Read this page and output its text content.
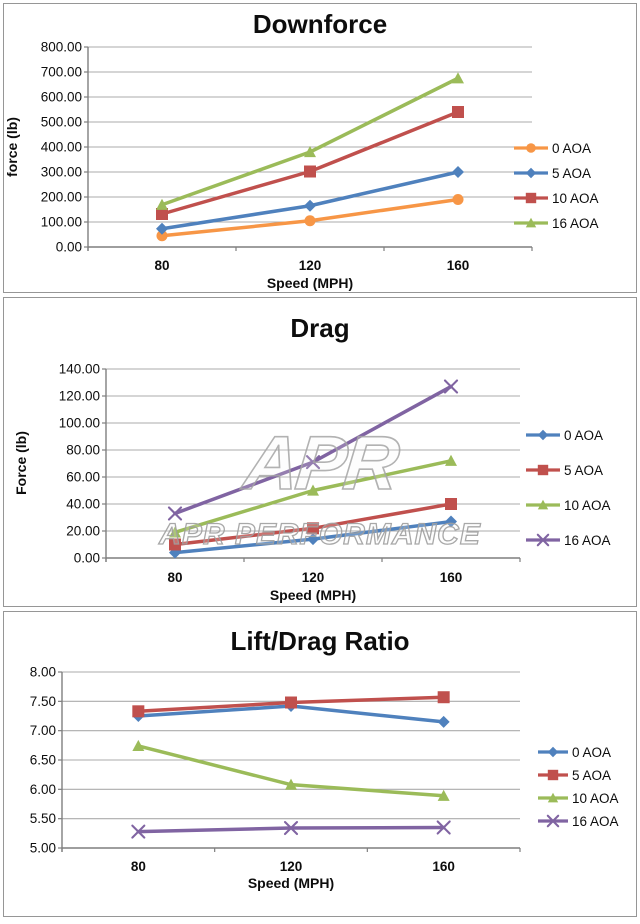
Downforce
0.00
100.00
200.00
300.00
400.00
500.00
600.00
700.00
800.00
80	120	160
Speed (MPH)
force (lb)	0 AOA
5 AOA
10 AOA
16 AOA
Drag
0.00
20.00
40.00
60.00
80.00
100.00
120.00
140.00
80	120	160
Speed (MPH)
Force (lb)	0 AOA
5 AOA
10 AOA
16 AOA
APR
APR PERFORMANCE
Lift/Drag Ratio
5.00
5.50
6.00
6.50
7.00
7.50
8.00
80	120	160
Speed (MPH)
0 AOA
5 AOA
10 AOA
16 AOA
